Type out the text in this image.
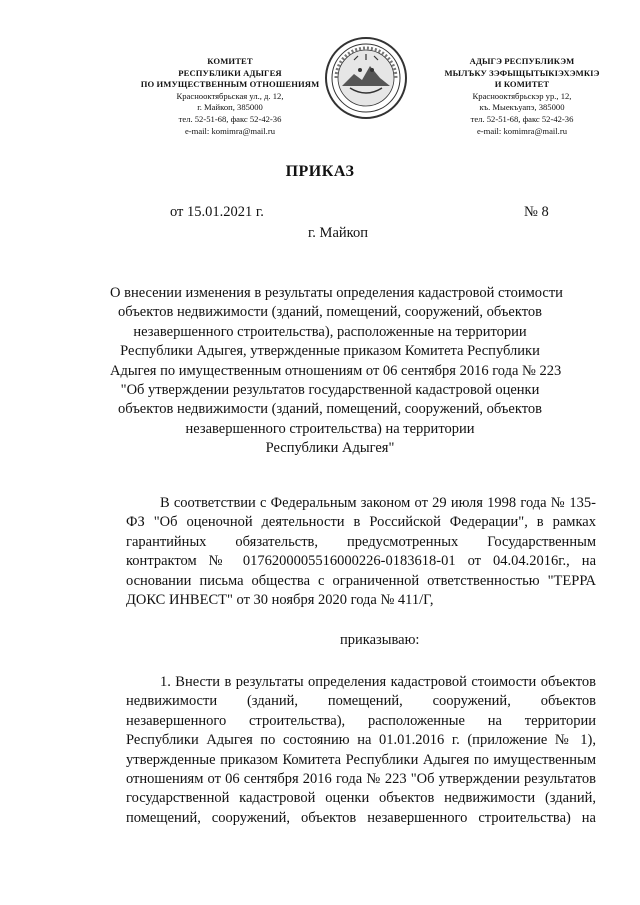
КОМИТЕТ
РЕСПУБЛИКИ АДЫГЕЯ
ПО ИМУЩЕСТВЕННЫМ ОТНОШЕНИЯМ
Краснооктябрьская ул., д. 12,
г. Майкоп, 385000
тел. 52-51-68, факс 52-42-36
e-mail: komimra@mail.ru
АДЫГЭ РЕСПУБЛИКЭМ
МЫЛЪКУ ЗЭФЫЩЫТЫКIЭХЭМКIЭ
И КОМИТЕТ
Краснооктябрьскэр ур., 12,
къ. Мыекъуапэ, 385000
тел. 52-51-68, факс 52-42-36
e-mail: komimra@mail.ru
ПРИКАЗ
от 15.01.2021 г.	№ 8
г. Майкоп
О внесении изменения в результаты определения кадастровой стоимости
объектов недвижимости (зданий, помещений, сооружений, объектов
незавершенного строительства), расположенные на территории
Республики Адыгея, утвержденные приказом Комитета Республики
Адыгея по имущественным отношениям от 06 сентября 2016 года № 223
"Об утверждении результатов государственной кадастровой оценки
объектов недвижимости (зданий, помещений, сооружений, объектов
незавершенного строительства) на территории
Республики Адыгея"
В соответствии с Федеральным законом от 29 июля 1998 года № 135-
ФЗ "Об оценочной деятельности в Российской Федерации", в рамках
гарантийных обязательств, предусмотренных Государственным
контрактом № 0176200005516000226-0183618-01 от 04.04.2016г., на
основании письма общества с ограниченной ответственностью "ТЕРРА
ДОКС ИНВЕСТ" от 30 ноября 2020 года № 411/Г,
приказываю:
1. Внести в результаты определения кадастровой стоимости объектов
недвижимости (зданий, помещений, сооружений, объектов
незавершенного строительства), расположенные на территории
Республики Адыгея по состоянию на 01.01.2016 г. (приложение № 1),
утвержденные приказом Комитета Республики Адыгея по имущественным
отношениям от 06 сентября 2016 года № 223 "Об утверждении результатов
государственной кадастровой оценки объектов недвижимости (зданий,
помещений, сооружений, объектов незавершенного строительства) на
